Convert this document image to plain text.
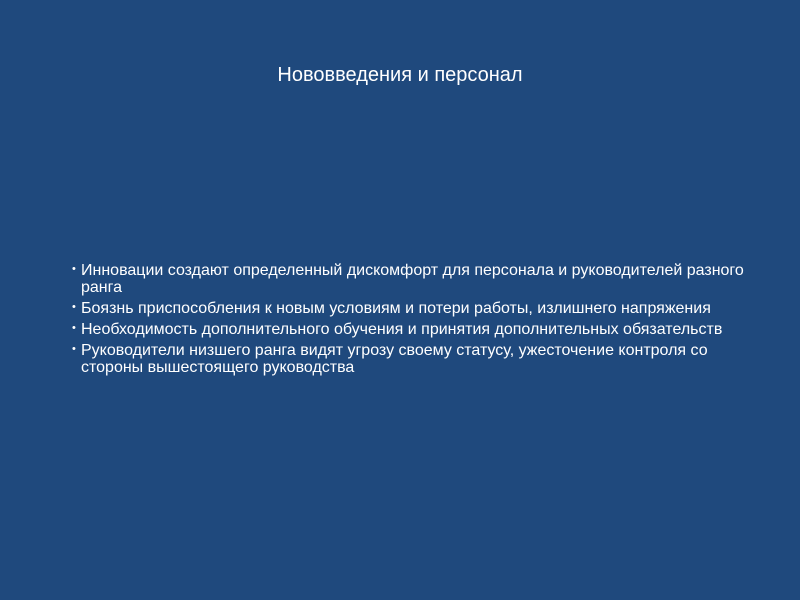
Нововведения и персонал
• Инновации создают определенный дискомфорт для персонала и руководителей разного ранга
• Боязнь приспособления к новым условиям и потери работы, излишнего напряжения
• Необходимость дополнительного обучения и принятия дополнительных обязательств
• Руководители низшего ранга видят угрозу своему статусу, ужесточение контроля со стороны вышестоящего руководства
